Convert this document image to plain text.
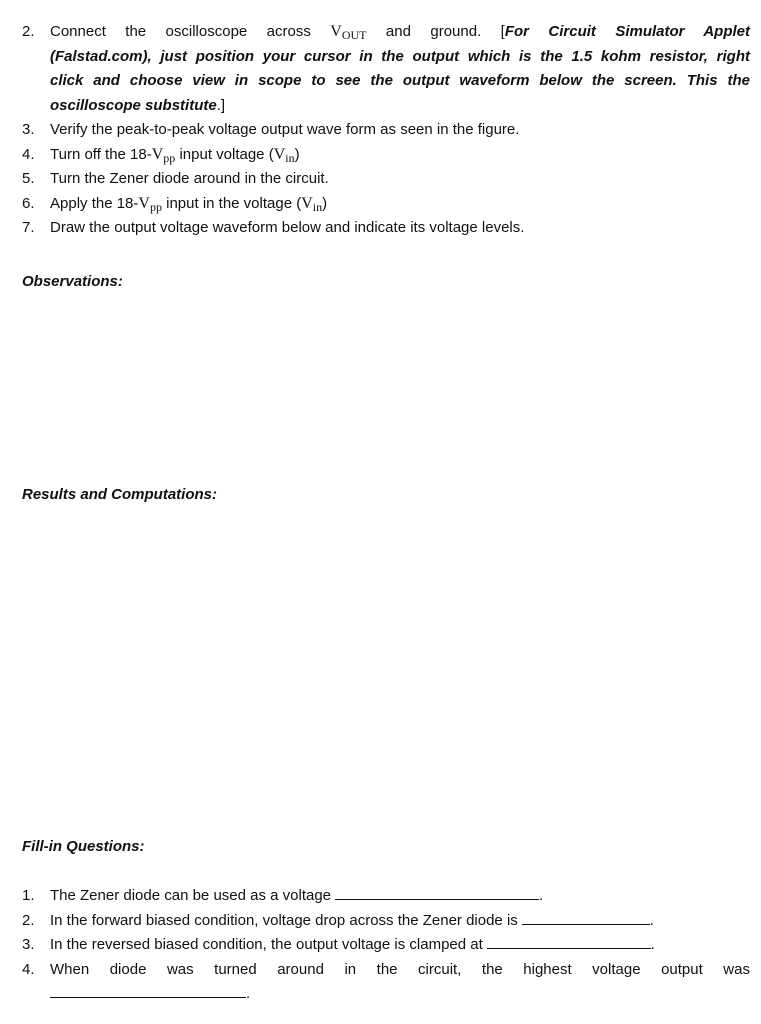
2. Connect the oscilloscope across $V_{OUT}$ and ground. [For Circuit Simulator Applet
(Falstad.com), just position your cursor in the output which is the 1.5 kohm resistor, right
click and choose view in scope to see the output waveform below the screen. This the
oscilloscope substitute.]
3. Verify the peak-to-peak voltage output wave form as seen in the figure.
4. Turn off the $18-V_{pp}$ input voltage $(V_{in})$
5. Turn the Zener diode around in the circuit.
6. Apply the $18-V_{pp}$ input in the voltage $(V_{in})$
7. Draw the output voltage waveform below and indicate its voltage levels.
Observations:
Results and Computations:
Fill-in Questions:
1. The Zener diode can be used as a voltage	.
2. In the forward biased condition, voltage drop across the Zener diode is	.
3. In the reversed biased condition, the output voltage is clamped at	.
4. When diode was turned around in the circuit, the highest voltage output was
.
